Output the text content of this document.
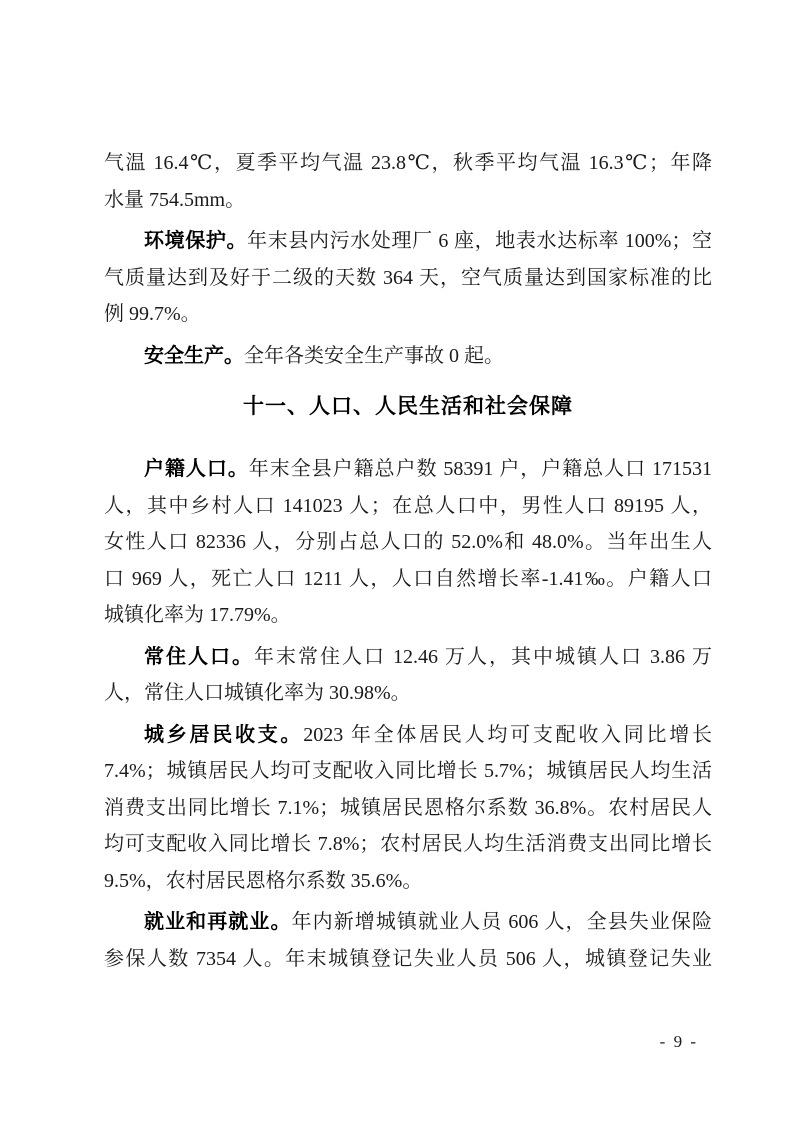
气温 16.4℃，夏季平均气温 23.8℃，秋季平均气温 16.3℃；年降
水量 754.5mm。
环境保护。年末县内污水处理厂 6 座，地表水达标率 100%；空
气质量达到及好于二级的天数 364 天，空气质量达到国家标准的比
例 99.7%。
安全生产。全年各类安全生产事故 0 起。
十一、人口、人民生活和社会保障
户籍人口。年末全县户籍总户数 58391 户，户籍总人口 171531
人，其中乡村人口 141023 人；在总人口中，男性人口 89195 人，
女性人口 82336 人，分别占总人口的 52.0%和 48.0%。当年出生人
口 969 人，死亡人口 1211 人，人口自然增长率-1.41‰。户籍人口
城镇化率为 17.79%。
常住人口。年末常住人口 12.46 万人，其中城镇人口 3.86 万
人，常住人口城镇化率为 30.98%。
城乡居民收支。2023 年全体居民人均可支配收入同比增长
7.4%；城镇居民人均可支配收入同比增长 5.7%；城镇居民人均生活
消费支出同比增长 7.1%；城镇居民恩格尔系数 36.8%。农村居民人
均可支配收入同比增长 7.8%；农村居民人均生活消费支出同比增长
9.5%，农村居民恩格尔系数 35.6%。
就业和再就业。年内新增城镇就业人员 606 人，全县失业保险
参保人数 7354 人。年末城镇登记失业人员 506 人，城镇登记失业
- 9 -
